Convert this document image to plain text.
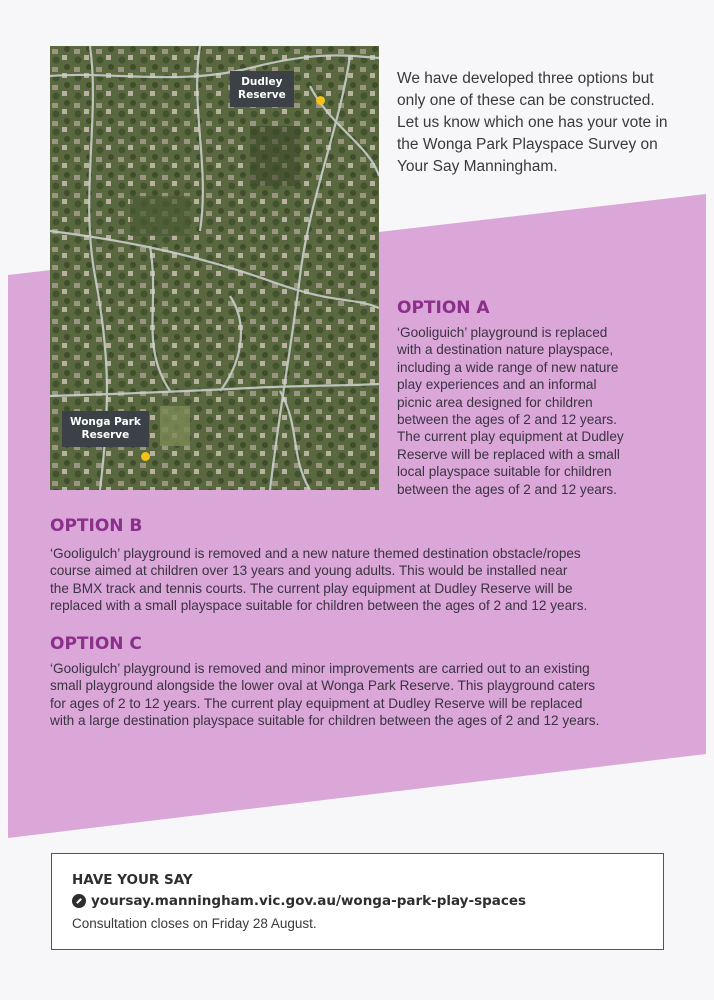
Dudley
Reserve
Wonga Park
Reserve
We have developed three options but only one of these can be constructed. Let us know which one has your vote in the Wonga Park Playspace Survey on Your Say Manningham.
OPTION A
‘Gooliguich’ playground is replaced
with a destination nature playspace,
including a wide range of new nature
play experiences and an informal
picnic area designed for children
between the ages of 2 and 12 years.
The current play equipment at Dudley
Reserve will be replaced with a small
local playspace suitable for children
between the ages of 2 and 12 years.
OPTION B
‘Gooligulch’ playground is removed and a new nature themed destination obstacle/ropes
course aimed at children over 13 years and young adults. This would be installed near
the BMX track and tennis courts. The current play equipment at Dudley Reserve will be
replaced with a small playspace suitable for children between the ages of 2 and 12 years.
OPTION C
‘Gooligulch’ playground is removed and minor improvements are carried out to an existing
small playground alongside the lower oval at Wonga Park Reserve. This playground caters
for ages of 2 to 12 years. The current play equipment at Dudley Reserve will be replaced
with a large destination playspace suitable for children between the ages of 2 and 12 years.
HAVE YOUR SAY
yoursay.manningham.vic.gov.au/wonga-park-play-spaces
Consultation closes on Friday 28 August.
